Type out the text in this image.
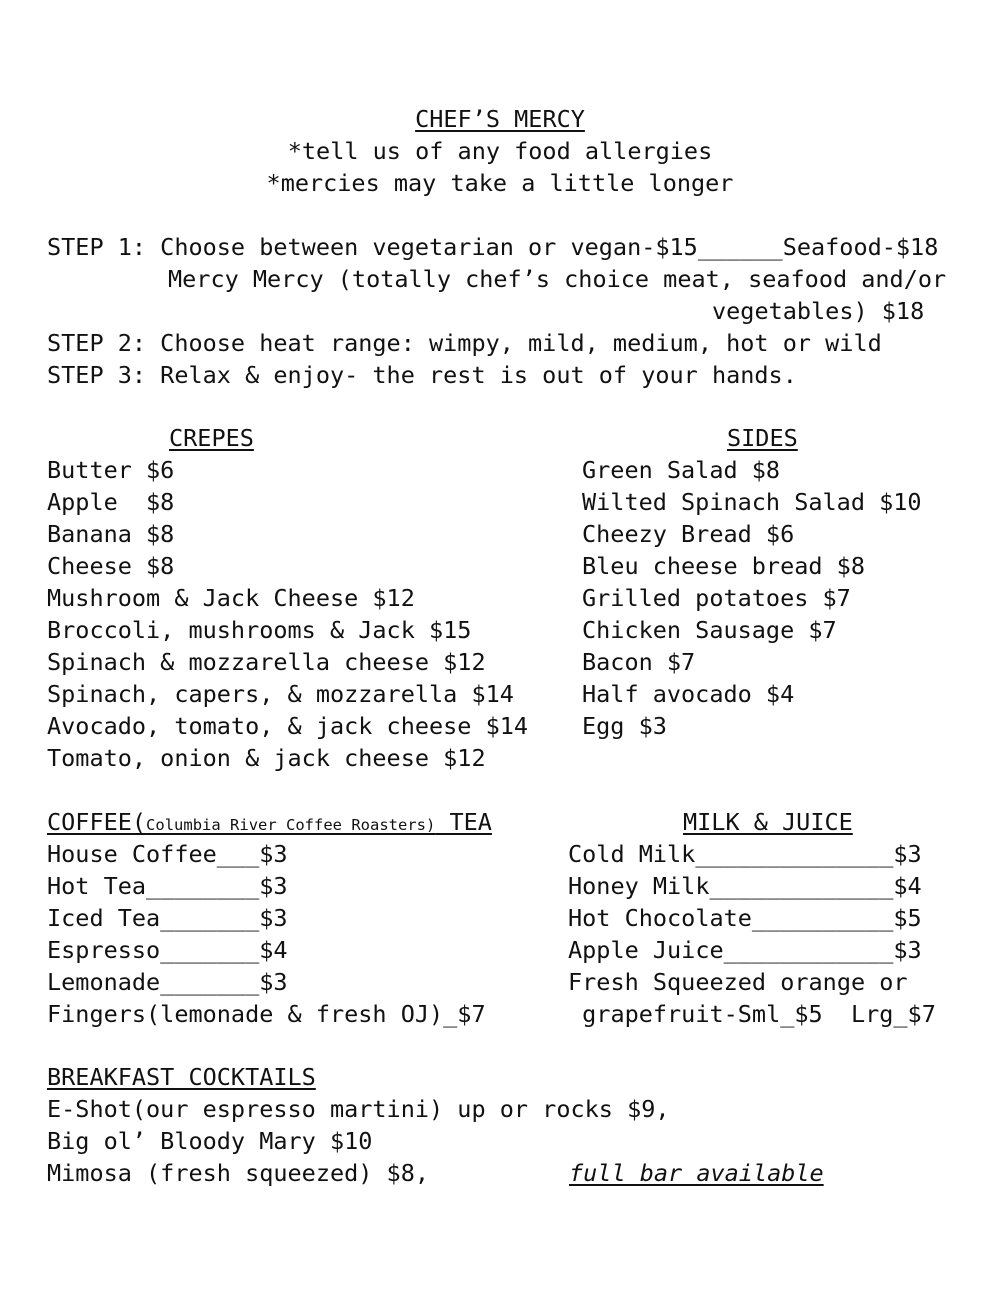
CHEF’S MERCY

*tell us of any food allergies

*mercies may take a little longer

STEP 1: Choose between vegetarian or vegan-$15______Seafood-$18

Mercy Mercy (totally chef’s choice meat, seafood and/or

vegetables) $18

STEP 2: Choose heat range: wimpy, mild, medium, hot or wild

STEP 3: Relax & enjoy- the rest is out of your hands.

CREPES

Butter $6

Apple  $8

Banana $8

Cheese $8

Mushroom & Jack Cheese $12

Broccoli, mushrooms & Jack $15

Spinach & mozzarella cheese $12

Spinach, capers, & mozzarella $14

Avocado, tomato, & jack cheese $14

Tomato, onion & jack cheese $12

SIDES

Green Salad $8

Wilted Spinach Salad $10

Cheezy Bread $6

Bleu cheese bread $8

Grilled potatoes $7

Chicken Sausage $7

Bacon $7

Half avocado $4

Egg $3

COFFEE(Columbia River Coffee Roasters) TEA

House Coffee___$3

Hot Tea________$3

Iced Tea_______$3

Espresso_______$4

Lemonade_______$3

Fingers(lemonade & fresh OJ)_$7

MILK & JUICE

Cold Milk______________$3

Honey Milk_____________$4

Hot Chocolate__________$5

Apple Juice____________$3

Fresh Squeezed orange or

grapefruit-Sml_$5  Lrg_$7

BREAKFAST COCKTAILS

E-Shot(our espresso martini) up or rocks $9,

Big ol’ Bloody Mary $10

Mimosa (fresh squeezed) $8,	full bar available
